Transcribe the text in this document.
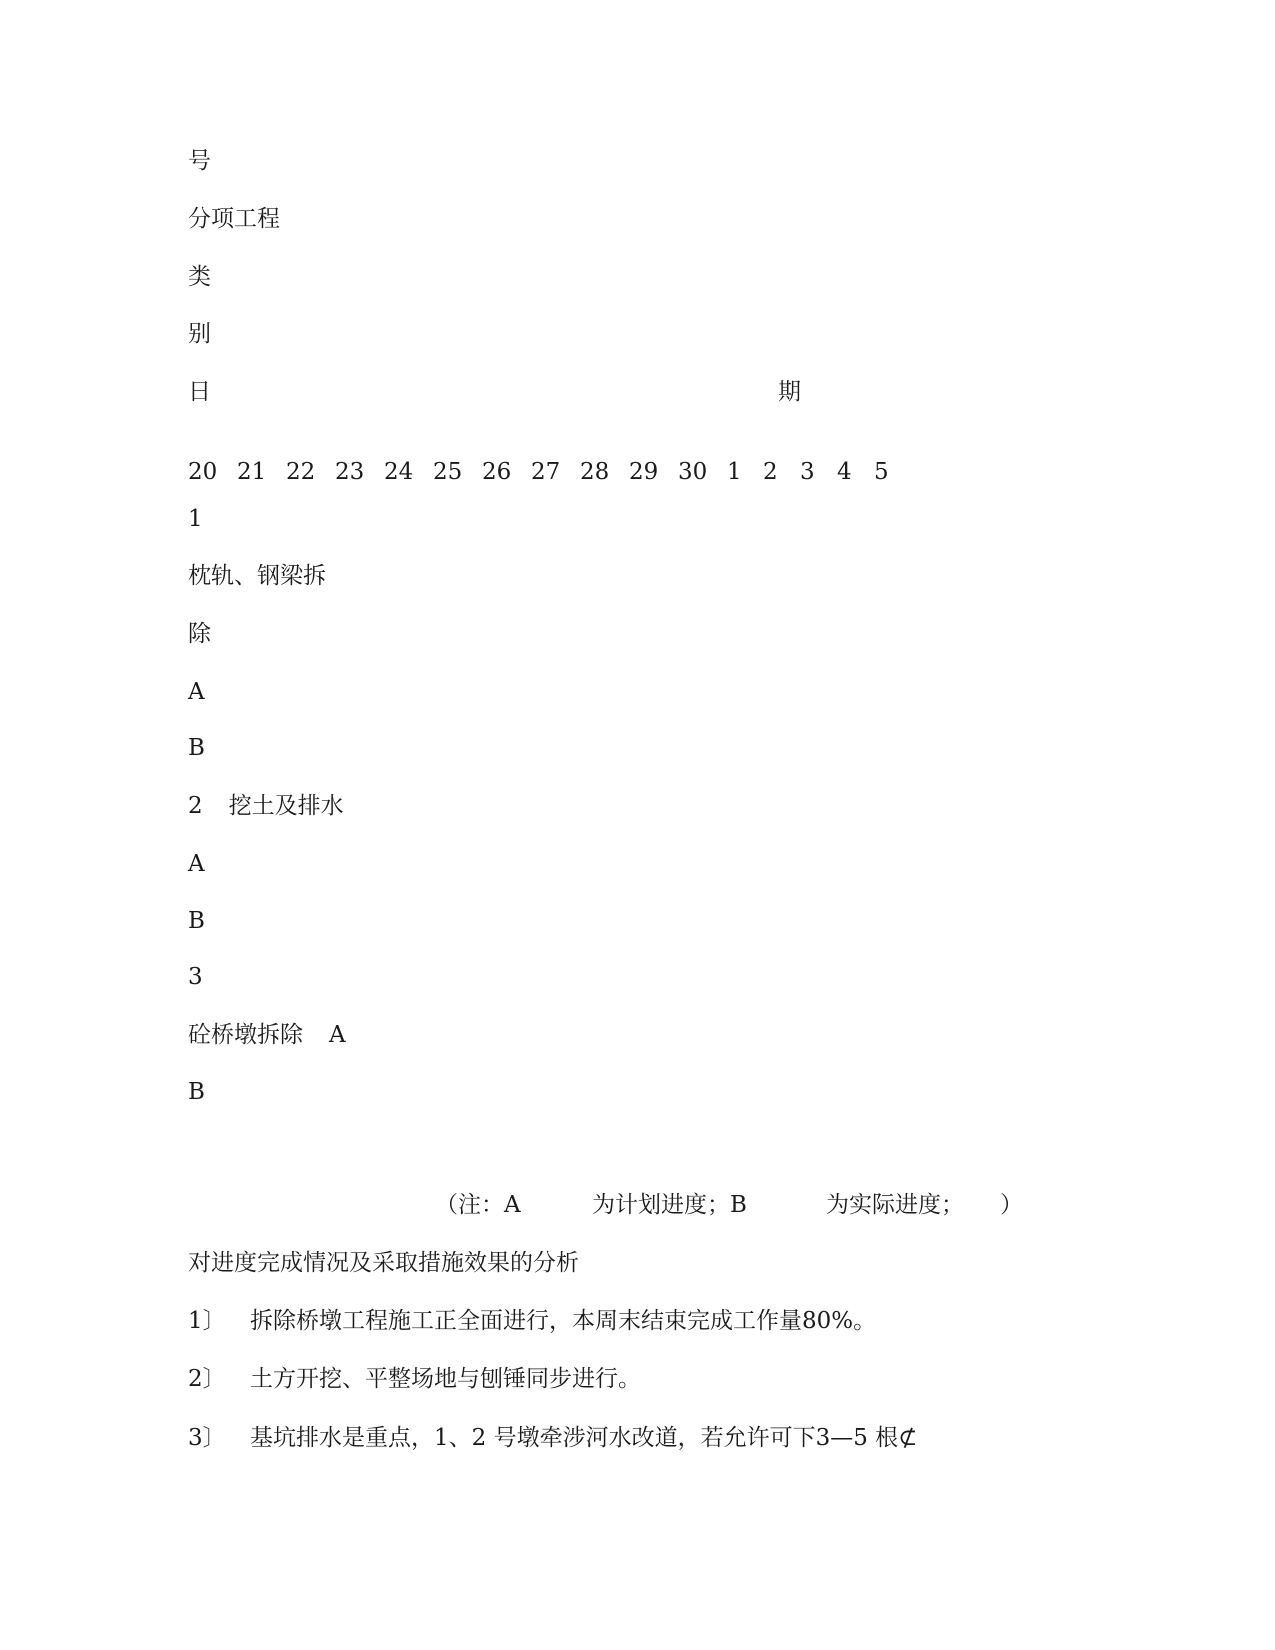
号
分项工程
类
别
日	期
20 21 22 23 24 25 26 27 28 29 30 1 2 3 4 5
1
枕轨、钢梁拆
除
A
B
2 挖土及排水
A
B
3
砼桥墩拆除 A
B
（注：A	为计划进度；B	为实际进度； ）
对进度完成情况及采取措施效果的分析
1〕 拆除桥墩工程施工正全面进行，本周末结束完成工作量80%。
2〕 土方开挖、平整场地与刨锤同步进行。
3〕 基坑排水是重点，1、2 号墩牵涉河水改道，若允许可下3—5 根⊄
